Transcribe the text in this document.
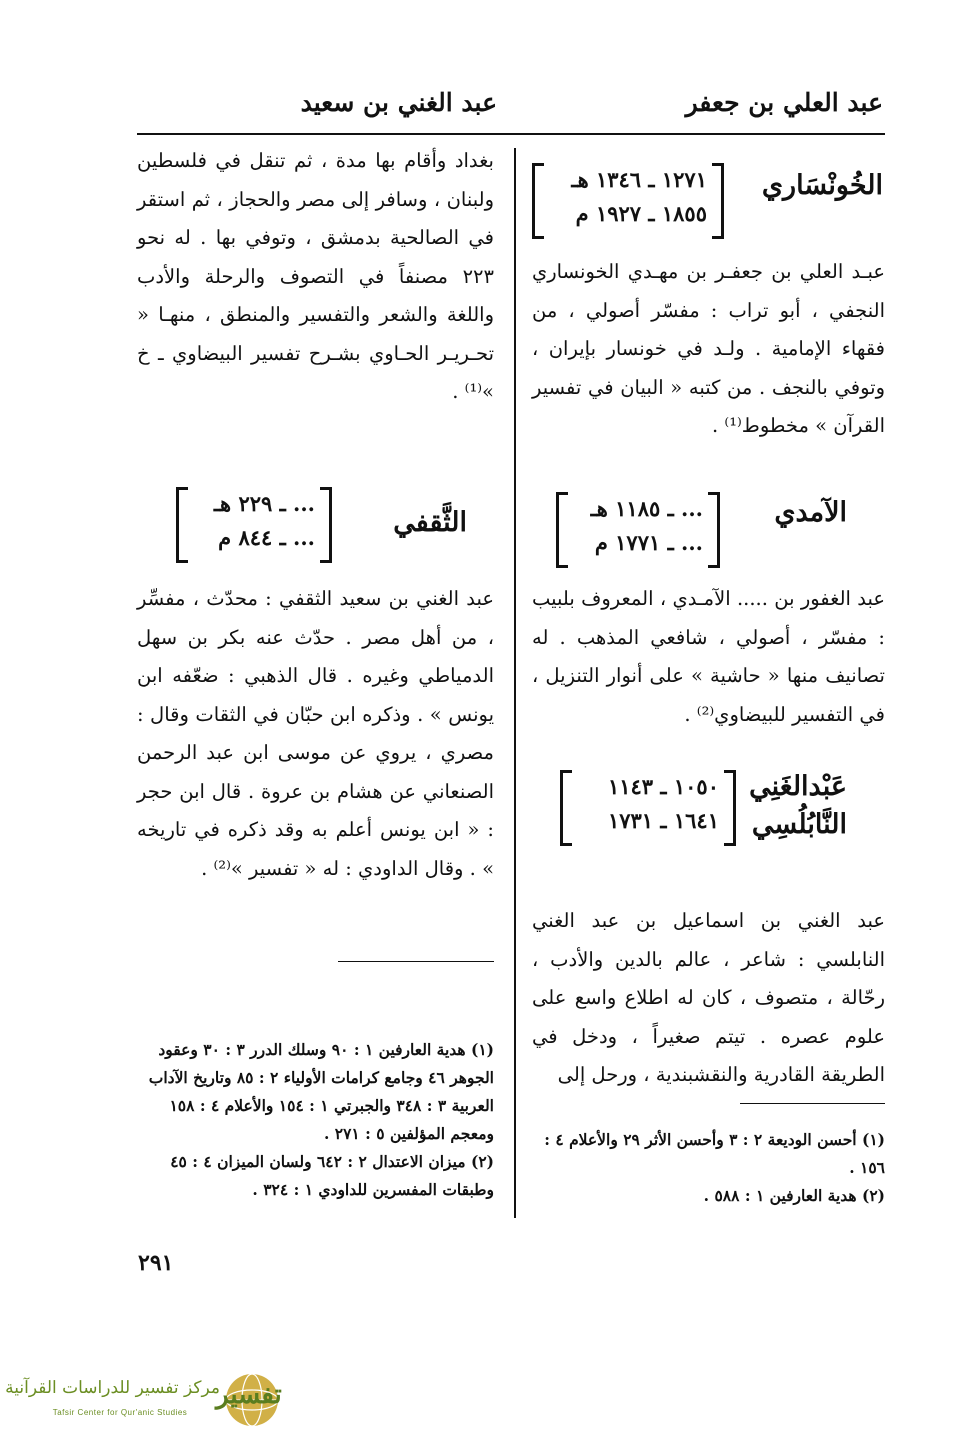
عبد العلي بن جعفر
عبد الغني بن سعيد
الخُونْسَاري
١٢٧١ ـ ١٣٤٦ هـ
١٨٥٥ ـ ١٩٢٧ م

عبـد العلي بن جعفـر بن مهـدي الخونساري النجفي ، أبو تراب : مفسّر أصولي ، من فقهاء الإمامية . ولـد في خونسار بإيران ، وتوفي بالنجف . من كتبه « البيان في تفسير القرآن » مخطوط⁽¹⁾ .

الآمدي
... ـ ١١٨٥ هـ
... ـ ١٧٧١ م

عبد الغفور بن ..... الآمـدي ، المعروف بلبيب : مفسّر ، أصولي ، شافعي المذهب . له تصانيف منها « حاشية » على أنوار التنزيل ، في التفسير للبيضاوي⁽²⁾ .

عَبْدالغَنِي
النَّابُلُسِي
١٠٥٠ ـ ١١٤٣
١٦٤١ ـ ١٧٣١

عبد الغني بن اسماعيل بن عبد الغني النابلسي : شاعر ، عالم بالدين والأدب ، رحّالة ، متصوف ، كان له اطلاع واسع على علوم عصره . تيتم صغيراً ، ودخل في الطريقة القادرية والنقشبندية ، ورحل إلى

(١) أحسن الوديعة ٢ : ٣ وأحسن الأثر ٢٩ والأعلام ٤ : ١٥٦ .

(٢) هدية العارفين ١ : ٥٨٨ .

بغداد وأقام بها مدة ، ثم تنقل في فلسطين ولبنان ، وسافر إلى مصر والحجاز ، ثم استقر في الصالحية بدمشق ، وتوفي بها . له نحو ٢٢٣ مصنفاً في التصوف والرحلة والأدب واللغة والشعر والتفسير والمنطق ، منهـا « تحـريـر الحـاوي بشـرح تفسير البيضاوي ـ خ »⁽¹⁾ .

الثَّقفي
... ـ ٢٢٩ هـ
... ـ ٨٤٤ م

عبد الغني بن سعيد الثقفي : محدّث ، مفسِّر ، من أهل مصر . حدّث عنه بكر بن سهل الدمياطي وغيره . قال الذهبي : ضعّفه ابن يونس » . وذكره ابن حبّان في الثقات وقال : مصري ، يروي عن موسى ابن عبد الرحمن الصنعاني عن هشام بن عروة . قال ابن حجر : « ابن يونس أعلم به وقد ذكره في تاريخه » . وقال الداودي : له « تفسير »⁽²⁾ .

(١) هدية العارفين ١ : ٩٠ وسلك الدرر ٣ : ٣٠ وعقود الجوهر ٤٦ وجامع كرامات الأولياء ٢ : ٨٥ وتاريخ الآداب العربية ٣ : ٣٤٨ والجبرتي ١ : ١٥٤ والأعلام ٤ : ١٥٨ ومعجم المؤلفين ٥ : ٢٧١ .

(٢) ميزان الاعتدال ٢ : ٦٤٢ ولسان الميزان ٤ : ٤٥ وطبقات المفسرين للداودي ١ : ٣٢٤ .

٢٩١
تفسير
مركز تفسير للدراسات القرآنية
Tafsir Center for Qur'anic Studies
